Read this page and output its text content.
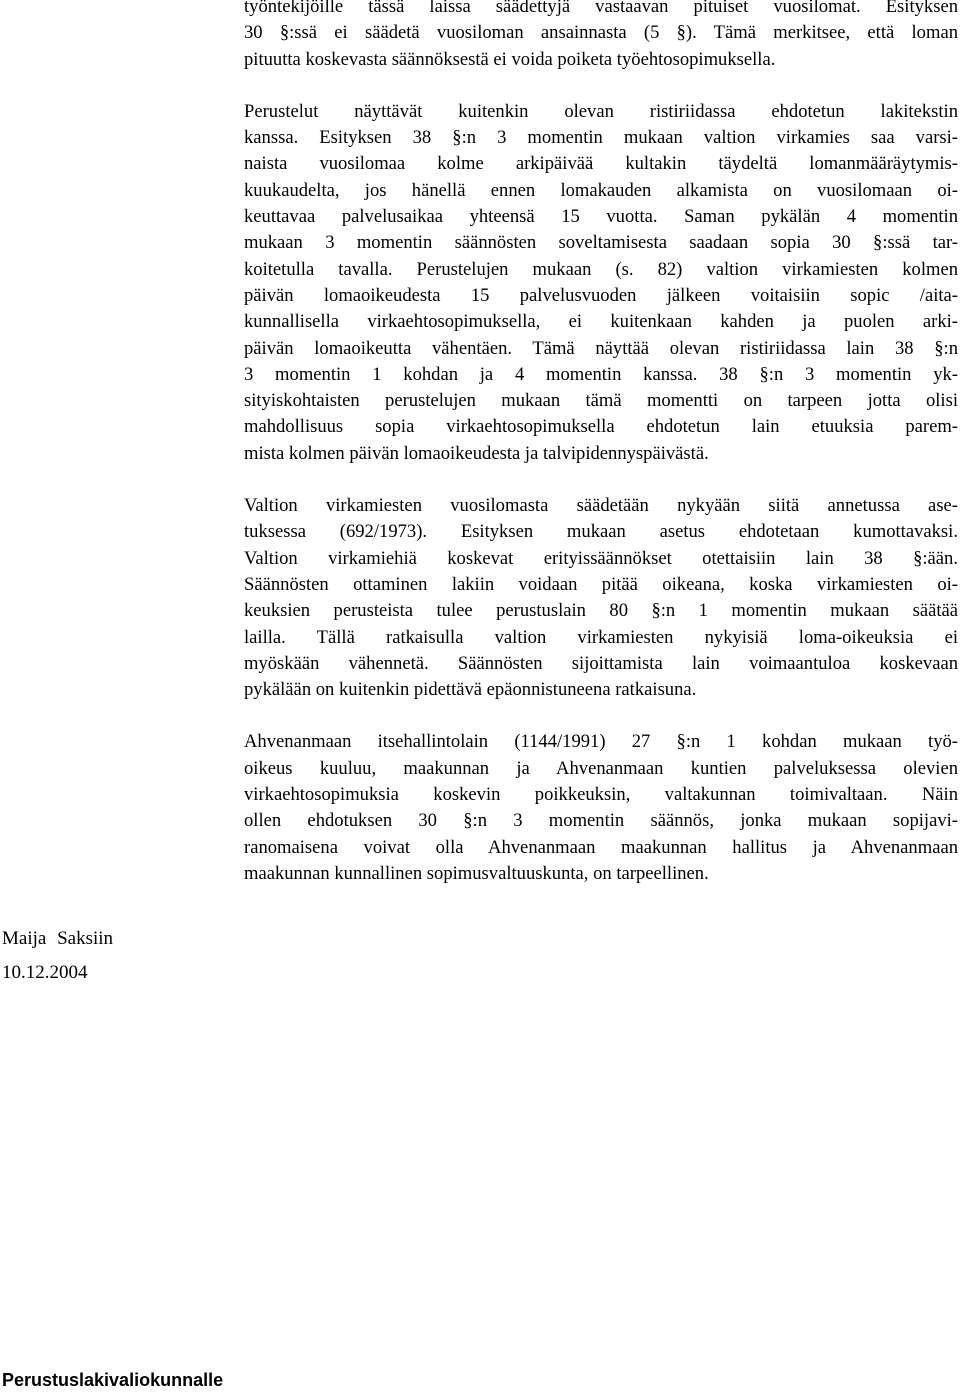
työntekijöille tässä laissa säädettyjä vastaavan pituiset vuosilomat. Esityksen
30 §:ssä ei säädetä vuosiloman ansainnasta (5 §). Tämä merkitsee, että loman
pituutta koskevasta säännöksestä ei voida poiketa työehtosopimuksella.

Perustelut näyttävät kuitenkin olevan ristiriidassa ehdotetun lakitekstin
kanssa. Esityksen 38 §:n 3 momentin mukaan valtion virkamies saa varsi-
naista vuosilomaa kolme arkipäivää kultakin täydeltä lomanmääräytymis-
kuukaudelta, jos hänellä ennen lomakauden alkamista on vuosilomaan oi-
keuttavaa palvelusaikaa yhteensä 15 vuotta. Saman pykälän 4 momentin
mukaan 3 momentin säännösten soveltamisesta saadaan sopia 30 §:ssä tar-
koitetulla tavalla. Perustelujen mukaan (s. 82) valtion virkamiesten kolmen
päivän lomaoikeudesta 15 palvelusvuoden jälkeen voitaisiin sopic /aita-
kunnallisella virkaehtosopimuksella, ei kuitenkaan kahden ja puolen arki-
päivän lomaoikeutta vähentäen. Tämä näyttää olevan ristiriidassa lain 38 §:n
3 momentin 1 kohdan ja 4 momentin kanssa. 38 §:n 3 momentin yk-
sityiskohtaisten perustelujen mukaan tämä momentti on tarpeen jotta olisi
mahdollisuus sopia virkaehtosopimuksella ehdotetun lain etuuksia parem-
mista kolmen päivän lomaoikeudesta ja talvipidennyspäivästä.

Valtion virkamiesten vuosilomasta säädetään nykyään siitä annetussa ase-
tuksessa (692/1973). Esityksen mukaan asetus ehdotetaan kumottavaksi.
Valtion virkamiehiä koskevat erityissäännökset otettaisiin lain 38 §:ään.
Säännösten ottaminen lakiin voidaan pitää oikeana, koska virkamiesten oi-
keuksien perusteista tulee perustuslain 80 §:n 1 momentin mukaan säätää
lailla. Tällä ratkaisulla valtion virkamiesten nykyisiä loma-oikeuksia ei
myöskään vähennetä. Säännösten sijoittamista lain voimaantuloa koskevaan
pykälään on kuitenkin pidettävä epäonnistuneena ratkaisuna.

Ahvenanmaan itsehallintolain (1144/1991) 27 §:n 1 kohdan mukaan työ-
oikeus kuuluu, maakunnan ja Ahvenanmaan kuntien palveluksessa olevien
virkaehtosopimuksia koskevin poikkeuksin, valtakunnan toimivaltaan. Näin
ollen ehdotuksen 30 §:n 3 momentin säännös, jonka mukaan sopijavi-
ranomaisena voivat olla Ahvenanmaan maakunnan hallitus ja Ahvenanmaan
maakunnan kunnallinen sopimusvaltuuskunta, on tarpeellinen.

Maija Saksiin
10.12.2004
Perustuslakivaliokunnalle
